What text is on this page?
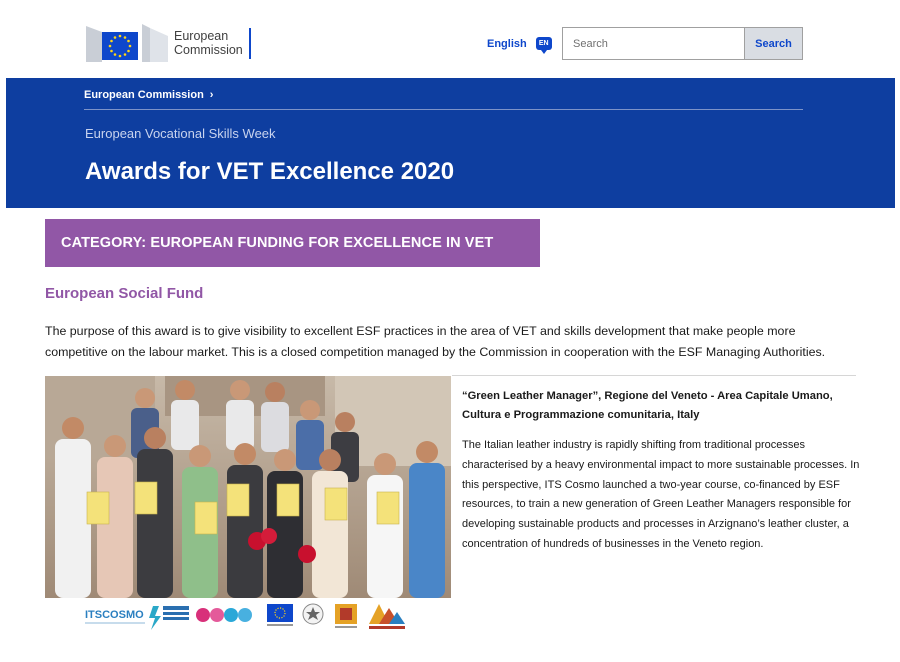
European
Commission	English	EN
Search	Search
European Commission ›
European Vocational Skills Week
Awards for VET Excellence 2020
CATEGORY: EUROPEAN FUNDING FOR EXCELLENCE IN VET
European Social Fund

The purpose of this award is to give visibility to excellent ESF practices in the area of VET and skills development that make people more competitive on the labour market. This is a closed competition managed by the Commission in cooperation with the ESF Managing Authorities.

ITSCOSMO

“Green Leather Manager”, Regione del Veneto - Area Capitale Umano, Cultura e Programmazione comunitaria, Italy

The Italian leather industry is rapidly shifting from traditional processes characterised by a heavy environmental impact to more sustainable processes. In this perspective, ITS Cosmo launched a two-year course, co-financed by ESF resources, to train a new generation of Green Leather Managers responsible for developing sustainable products and processes in Arzignano’s leather cluster, a concentration of hundreds of businesses in the Veneto region.
